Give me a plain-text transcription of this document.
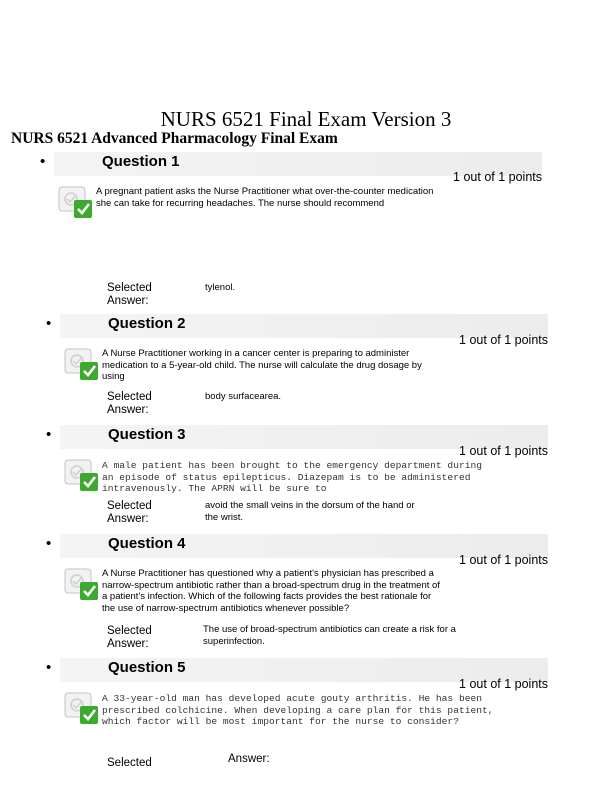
NURS 6521 Final Exam Version 3
NURS 6521 Advanced Pharmacology Final Exam
•	Question 1
1 out of 1 points
A pregnant patient asks the Nurse Practitioner what over-the-counter medication
she can take for recurring headaches. The nurse should recommend
Selected
Answer:
tylenol.
•	Question 2
1 out of 1 points
A Nurse Practitioner working in a cancer center is preparing to administer
medication to a 5-year-old child. The nurse will calculate the drug dosage by
using
Selected
Answer:
body surfacearea.
•	Question 3
1 out of 1 points
A male patient has been brought to the emergency department during
an episode of status epilepticus. Diazepam is to be administered
intravenously. The APRN will be sure to
Selected
Answer:
avoid the small veins in the dorsum of the hand or
the wrist.
•	Question 4
1 out of 1 points
A Nurse Practitioner has questioned why a patient's physician has prescribed a
narrow-spectrum antibiotic rather than a broad-spectrum drug in the treatment of
a patient's infection. Which of the following facts provides the best rationale for
the use of narrow-spectrum antibiotics whenever possible?
Selected
Answer:
The use of broad-spectrum antibiotics can create a risk for a
superinfection.
•	Question 5
1 out of 1 points
A 33-year-old man has developed acute gouty arthritis. He has been
prescribed colchicine. When developing a care plan for this patient,
which factor will be most important for the nurse to consider?
Selected	Answer:
